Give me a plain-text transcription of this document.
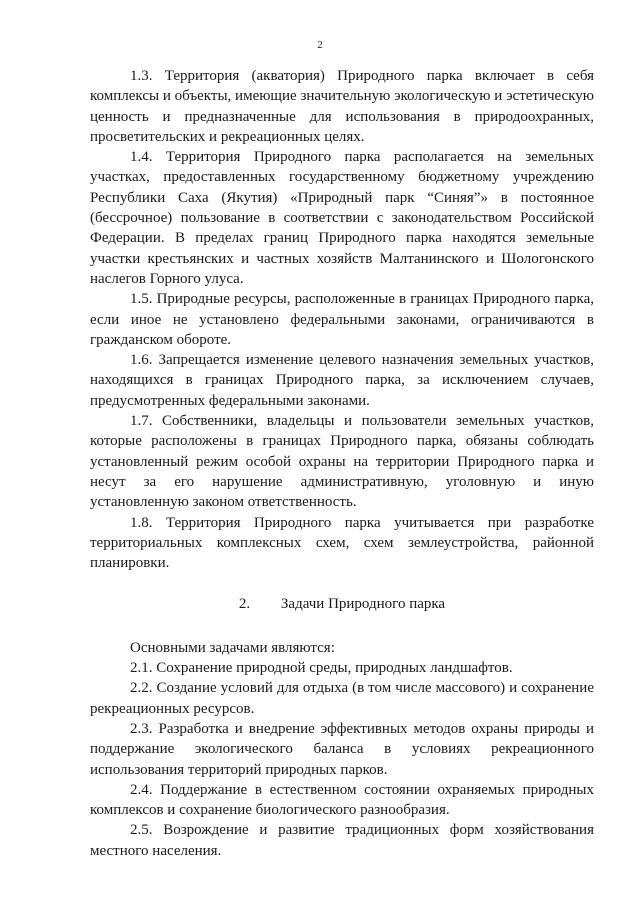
2

1.3. Территория (акватория) Природного парка включает в себя комплексы и объекты, имеющие значительную экологическую и эстетическую ценность и предназначенные для использования в природоохранных, просветительских и рекреационных целях.

1.4. Территория Природного парка располагается на земельных участках, предоставленных государственному бюджетному учреждению Республики Саха (Якутия) «Природный парк “Синяя”» в постоянное (бессрочное) пользование в соответствии с законодательством Российской Федерации. В пределах границ Природного парка находятся земельные участки крестьянских и частных хозяйств Малтанинского и Шологонского наслегов Горного улуса.

1.5. Природные ресурсы, расположенные в границах Природного парка, если иное не установлено федеральными законами, ограничиваются в гражданском обороте.

1.6. Запрещается изменение целевого назначения земельных участков, находящихся в границах Природного парка, за исключением случаев, предусмотренных федеральными законами.

1.7. Собственники, владельцы и пользователи земельных участков, которые расположены в границах Природного парка, обязаны соблюдать установленный режим особой охраны на территории Природного парка и несут за его нарушение административную, уголовную и иную установленную законом ответственность.

1.8. Территория Природного парка учитывается при разработке территориальных комплексных схем, схем землеустройства, районной планировки.

2. Задачи Природного парка

Основными задачами являются:

2.1. Сохранение природной среды, природных ландшафтов.

2.2. Создание условий для отдыха (в том числе массового) и сохранение рекреационных ресурсов.

2.3. Разработка и внедрение эффективных методов охраны природы и поддержание экологического баланса в условиях рекреационного использования территорий природных парков.

2.4. Поддержание в естественном состоянии охраняемых природных комплексов и сохранение биологического разнообразия.

2.5. Возрождение и развитие традиционных форм хозяйствования местного населения.
